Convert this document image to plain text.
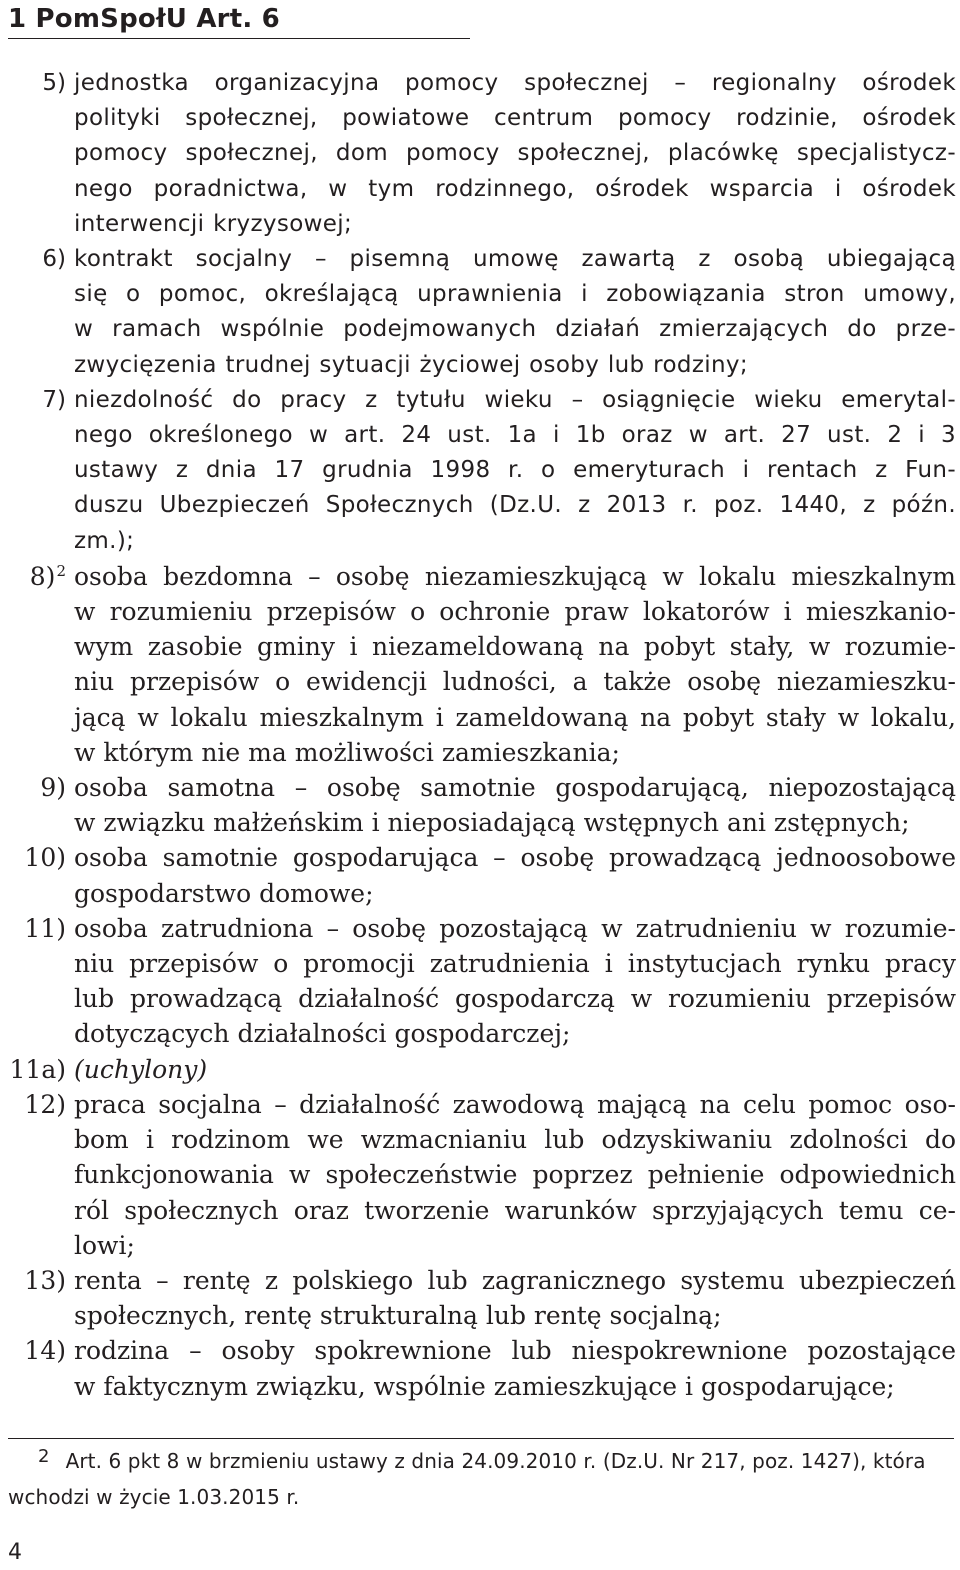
1 PomSpołU Art. 6
5) jednostka organizacyjna pomocy społecznej – regionalny ośrodek
polityki społecznej, powiatowe centrum pomocy rodzinie, ośrodek
pomocy społecznej, dom pomocy społecznej, placówkę specjalistycz-
nego poradnictwa, w tym rodzinnego, ośrodek wsparcia i ośrodek
interwencji kryzysowej;
6) kontrakt socjalny – pisemną umowę zawartą z osobą ubiegającą
się o pomoc, określającą uprawnienia i zobowiązania stron umowy,
w ramach wspólnie podejmowanych działań zmierzających do prze-
zwycięzenia trudnej sytuacji życiowej osoby lub rodziny;
7) niezdolność do pracy z tytułu wieku – osiągnięcie wieku emerytal-
nego określonego w art. 24 ust. 1a i 1b oraz w art. 27 ust. 2 i 3
ustawy z dnia 17 grudnia 1998 r. o emeryturach i rentach z Fun-
duszu Ubezpieczeń Społecznych (Dz.U. z 2013 r. poz. 1440, z późn.
zm.);
8)$^2$ osoba bezdomna – osobę niezamieszkującą w lokalu mieszkalnym
w rozumieniu przepisów o ochronie praw lokatorów i mieszkanio-
wym zasobie gminy i niezameldowaną na pobyt stały, w rozumie-
niu przepisów o ewidencji ludności, a także osobę niezamieszku-
jącą w lokalu mieszkalnym i zameldowaną na pobyt stały w lokalu,
w którym nie ma możliwości zamieszkania;
9) osoba samotna – osobę samotnie gospodarującą, niepozostającą
w związku małżeńskim i nieposiadającą wstępnych ani zstępnych;
10) osoba samotnie gospodarująca – osobę prowadzącą jednoosobowe
gospodarstwo domowe;
11) osoba zatrudniona – osobę pozostającą w zatrudnieniu w rozumie-
niu przepisów o promocji zatrudnienia i instytucjach rynku pracy
lub prowadzącą działalność gospodarczą w rozumieniu przepisów
dotyczących działalności gospodarczej;
11a) (uchylony)
12) praca socjalna – działalność zawodową mającą na celu pomoc oso-
bom i rodzinom we wzmacnianiu lub odzyskiwaniu zdolności do
funkcjonowania w społeczeństwie poprzez pełnienie odpowiednich
ról społecznych oraz tworzenie warunków sprzyjających temu ce-
lowi;
13) renta – rentę z polskiego lub zagranicznego systemu ubezpieczeń
społecznych, rentę strukturalną lub rentę socjalną;
14) rodzina – osoby spokrewnione lub niespokrewnione pozostające
w faktycznym związku, wspólnie zamieszkujące i gospodarujące;
2 Art. 6 pkt 8 w brzmieniu ustawy z dnia 24.09.2010 r. (Dz.U. Nr 217, poz. 1427), która wchodzi w życie 1.03.2015 r.
4
